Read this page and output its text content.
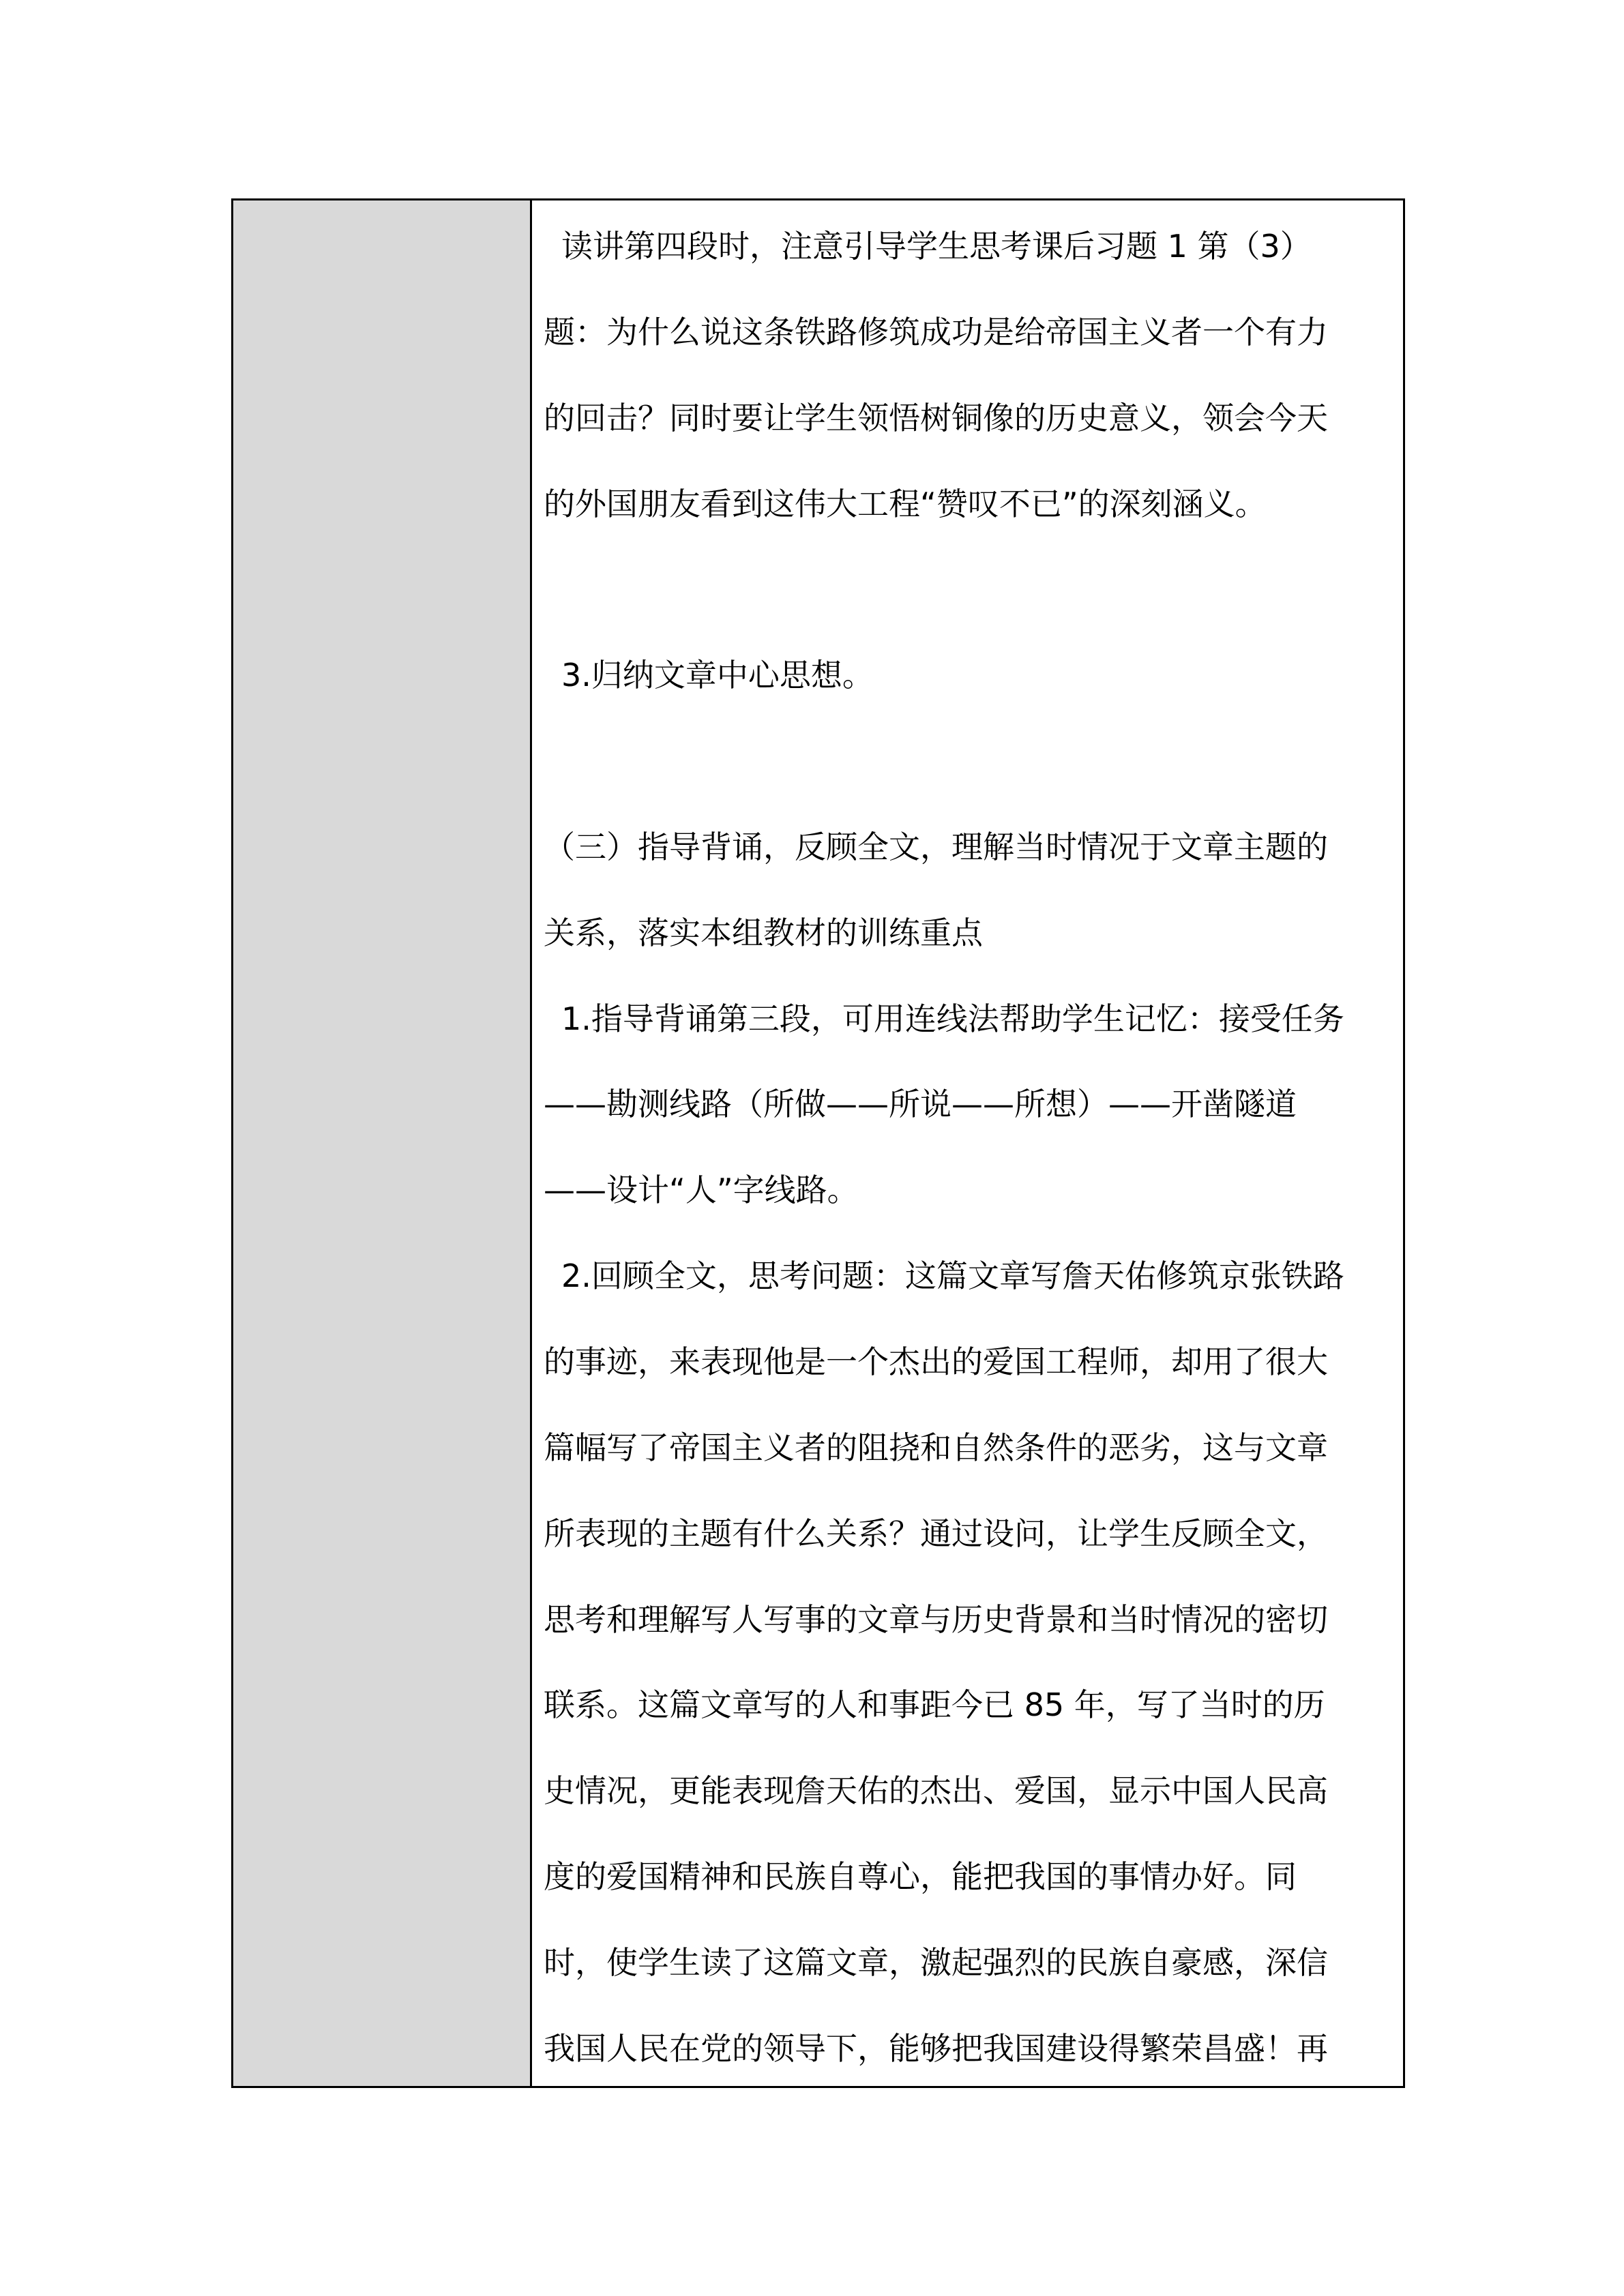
读讲第四段时，注意引导学生思考课后习题 1 第（3）
题：为什么说这条铁路修筑成功是给帝国主义者一个有力
的回击？同时要让学生领悟树铜像的历史意义，领会今天
的外国朋友看到这伟大工程“赞叹不已”的深刻涵义。
3.归纳文章中心思想。
（三）指导背诵，反顾全文，理解当时情况于文章主题的
关系，落实本组教材的训练重点
1.指导背诵第三段，可用连线法帮助学生记忆：接受任务
——勘测线路（所做——所说——所想）——开凿隧道
——设计“人”字线路。
2.回顾全文，思考问题：这篇文章写詹天佑修筑京张铁路
的事迹，来表现他是一个杰出的爱国工程师，却用了很大
篇幅写了帝国主义者的阻挠和自然条件的恶劣，这与文章
所表现的主题有什么关系？通过设问，让学生反顾全文，
思考和理解写人写事的文章与历史背景和当时情况的密切
联系。这篇文章写的人和事距今已 85 年，写了当时的历
史情况，更能表现詹天佑的杰出、爱国，显示中国人民高
度的爱国精神和民族自尊心，能把我国的事情办好。同
时，使学生读了这篇文章，激起强烈的民族自豪感，深信
我国人民在党的领导下，能够把我国建设得繁荣昌盛！再
